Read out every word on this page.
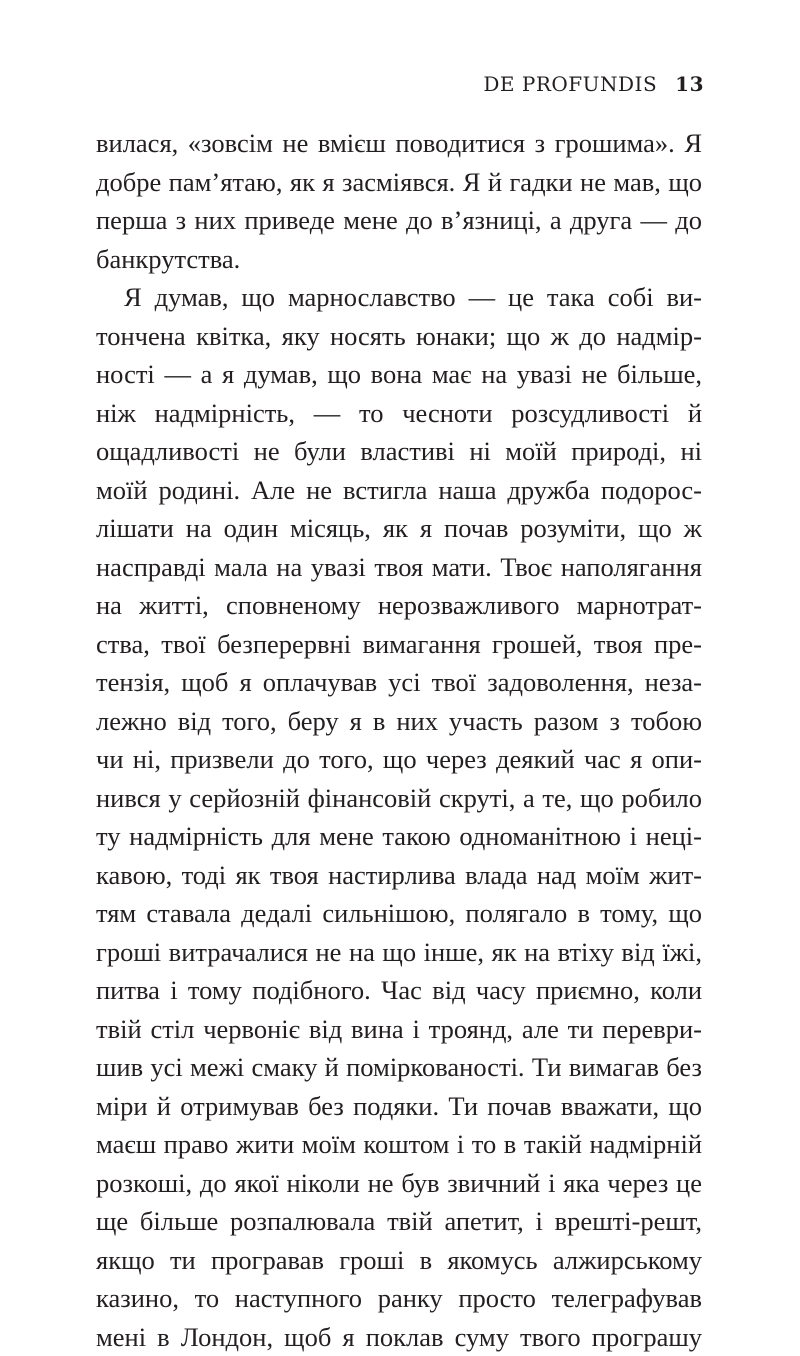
DE PROFUNDIS 13
вилася, «зовсім не вмієш поводитися з грошима». Я
добре пам’ятаю, як я засміявся. Я й гадки не мав, що
перша з них приведе мене до в’язниці, а друга — до
банкрутства.
Я думав, що марнославство — це така собі ви-
тончена квітка, яку носять юнаки; що ж до надмір-
ності — а я думав, що вона має на увазі не більше,
ніж надмірність, — то чесноти розсудливості й
ощадливості не були властиві ні моїй природі, ні
моїй родині. Але не встигла наша дружба подорос-
лішати на один місяць, як я почав розуміти, що ж
насправді мала на увазі твоя мати. Твоє наполягання
на житті, сповненому нерозважливого марнотрат-
ства, твої безперервні вимагання грошей, твоя пре-
тензія, щоб я оплачував усі твої задоволення, неза-
лежно від того, беру я в них участь разом з тобою
чи ні, призвели до того, що через деякий час я опи-
нився у серйозній фінансовій скруті, а те, що робило
ту надмірність для мене такою одноманітною і неці-
кавою, тоді як твоя настирлива влада над моїм жит-
тям ставала дедалі сильнішою, полягало в тому, що
гроші витрачалися не на що інше, як на втіху від їжі,
питва і тому подібного. Час від часу приємно, коли
твій стіл червоніє від вина і троянд, але ти переври-
шив усі межі смаку й поміркованості. Ти вимагав без
міри й отримував без подяки. Ти почав вважати, що
маєш право жити моїм коштом і то в такій надмірній
розкоші, до якої ніколи не був звичний і яка через це
ще більше розпалювала твій апетит, і врешті-решт,
якщо ти програвав гроші в якомусь алжирському
казино, то наступного ранку просто телеграфував
мені в Лондон, щоб я поклав суму твого програшу
